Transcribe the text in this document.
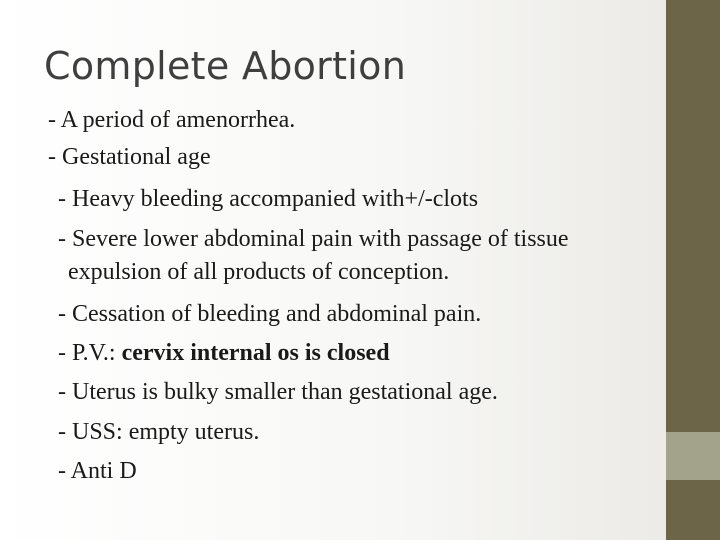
Complete Abortion
- A period of amenorrhea.
- Gestational age
- Heavy bleeding accompanied with+/-clots
- Severe lower abdominal pain with passage of tissue
expulsion of all products of conception.
- Cessation of bleeding and abdominal pain.
- P.V.: cervix internal os is closed
- Uterus is bulky smaller than gestational age.
- USS: empty uterus.
- Anti D
